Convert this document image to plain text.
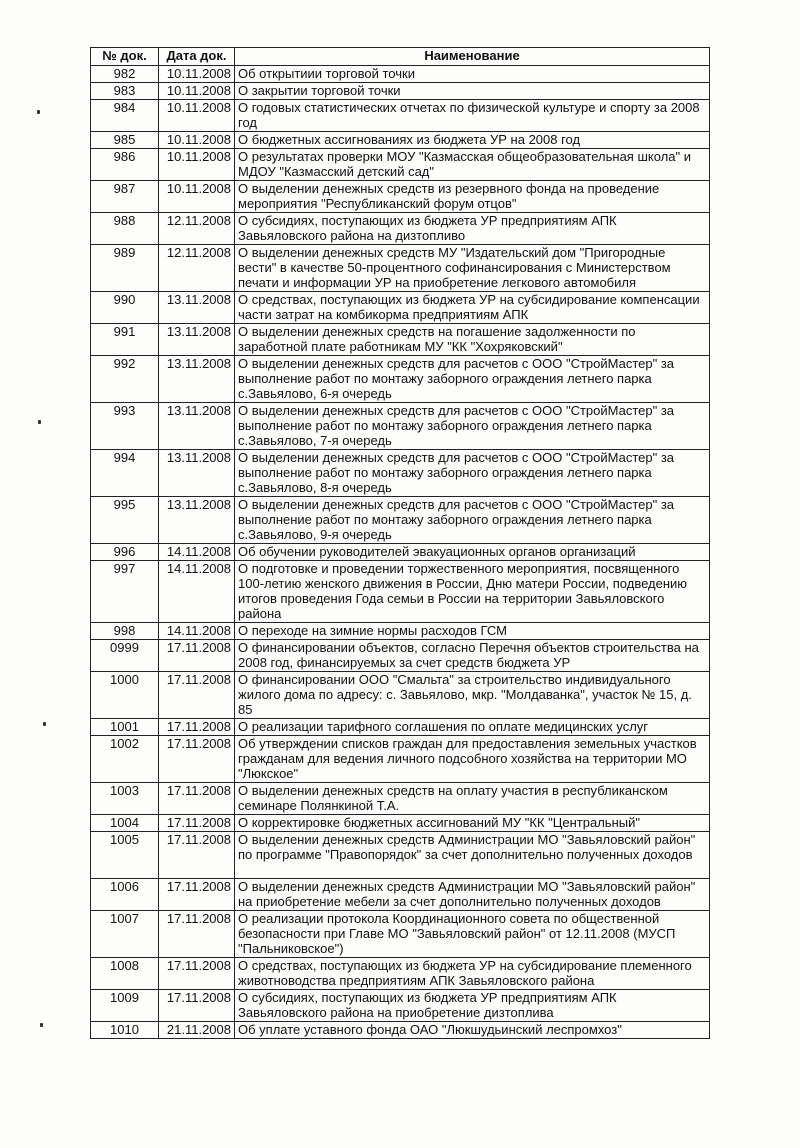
№ док.	Дата док.	Наименование
982	10.11.2008	Об открытиии торговой точки
983	10.11.2008	О закрытии торговой точки
984	10.11.2008	О годовых статистических отчетах по физической культуре и спорту за 2008 год
985	10.11.2008	О бюджетных ассигнованиях из бюджета УР на 2008 год
986	10.11.2008	О результатах проверки МОУ "Казмасская общеобразовательная школа" и МДОУ "Казмасский детский сад"
987	10.11.2008	О выделении денежных средств из резервного фонда на проведение мероприятия "Республиканский форум отцов"
988	12.11.2008	О субсидиях, поступающих из бюджета УР предприятиям АПК Завьяловского района на дизтопливо
989	12.11.2008	О выделении денежных средств МУ "Издательский дом "Пригородные вести" в качестве 50-процентного софинансирования с Министерством печати и информации УР на приобретение легкового автомобиля
990	13.11.2008	О средствах, поступающих из бюджета УР на субсидирование компенсации части затрат на комбикорма предприятиям АПК
991	13.11.2008	О выделении денежных средств на погашение задолженности по заработной плате работникам МУ "КК "Хохряковский"
992	13.11.2008	О выделении денежных средств для расчетов с ООО "СтройМастер" за выполнение работ по монтажу заборного ограждения летнего парка с.Завьялово, 6-я очередь
993	13.11.2008	О выделении денежных средств для расчетов с ООО "СтройМастер" за выполнение работ по монтажу заборного ограждения летнего парка с.Завьялово, 7-я очередь
994	13.11.2008	О выделении денежных средств для расчетов с ООО "СтройМастер" за выполнение работ по монтажу заборного ограждения летнего парка с.Завьялово, 8-я очередь
995	13.11.2008	О выделении денежных средств для расчетов с ООО "СтройМастер" за выполнение работ по монтажу заборного ограждения летнего парка с.Завьялово, 9-я очередь
996	14.11.2008	Об обучении руководителей эвакуационных органов организаций
997	14.11.2008	О подготовке и проведении торжественного мероприятия, посвященного 100-летию женского движения в России, Дню матери России, подведению итогов проведения Года семьи в России на территории Завьяловского района
998	14.11.2008	О переходе на зимние нормы расходов ГСМ
0999	17.11.2008	О финансировании объектов, согласно Перечня объектов строительства на 2008 год, финансируемых за счет средств бюджета УР
1000	17.11.2008	О финансировании ООО "Смальта" за строительство индивидуального жилого дома по адресу: с. Завьялово, мкр. "Молдаванка", участок № 15, д. 85
1001	17.11.2008	О реализации тарифного соглашения по оплате медицинских услуг
1002	17.11.2008	Об утверждении списков граждан для предоставления земельных участков гражданам для ведения личного подсобного хозяйства на территории МО "Люкское"
1003	17.11.2008	О выделении денежных средств на оплату участия в республиканском семинаре Полянкиной Т.А.
1004	17.11.2008	О корректировке бюджетных ассигнований МУ "КК "Центральный"
1005	17.11.2008	О выделении денежных средств Администрации МО "Завьяловский район" по программе "Правопорядок" за счет дополнительно полученных доходов
1006	17.11.2008	О выделении денежных средств Администрации МО "Завьяловский район" на приобретение мебели за счет дополнительно полученных доходов
1007	17.11.2008	О реализации протокола Координационного совета по общественной безопасности при Главе МО "Завьяловский район" от 12.11.2008 (МУСП "Пальниковское")
1008	17.11.2008	О средствах, поступающих из бюджета УР на субсидирование племенного животноводства предприятиям АПК Завьяловского района
1009	17.11.2008	О субсидиях, поступающих из бюджета УР предприятиям АПК Завьяловского района на приобретение дизтоплива
1010	21.11.2008	Об уплате уставного фонда ОАО "Люкшудьинский леспромхоз"
